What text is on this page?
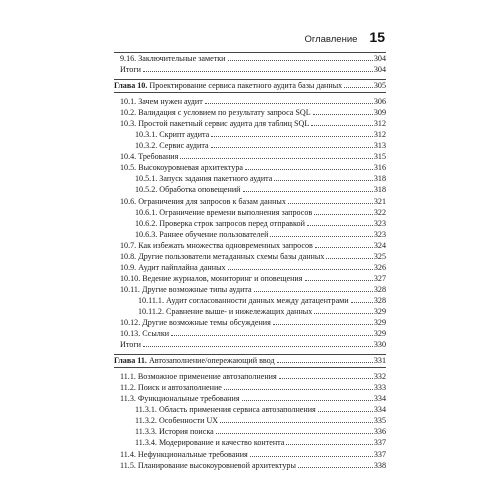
Оглавление 15
9.16. Заключительные заметки	304
Итоги	304
Глава 10. Проектирование сервиса пакетного аудита базы данных	305
10.1. Зачем нужен аудит	306
10.2. Валидация с условием по результату запроса SQL	309
10.3. Простой пакетный сервис аудита для таблиц SQL	312
10.3.1. Скрипт аудита	312
10.3.2. Сервис аудита	313
10.4. Требования	315
10.5. Высокоуровневая архитектура	316
10.5.1. Запуск задания пакетного аудита	318
10.5.2. Обработка оповещений	318
10.6. Ограничения для запросов к базам данных	321
10.6.1. Ограничение времени выполнения запросов	322
10.6.2. Проверка строк запросов перед отправкой	323
10.6.3. Раннее обучение пользователей	323
10.7. Как избежать множества одновременных запросов	324
10.8. Другие пользователи метаданных схемы базы данных	325
10.9. Аудит пайплайна данных	326
10.10. Ведение журналов, мониторинг и оповещения	327
10.11. Другие возможные типы аудита	328
10.11.1. Аудит согласованности данных между датацентрами	328
10.11.2. Сравнение выше- и нижележащих данных	329
10.12. Другие возможные темы обсуждения	329
10.13. Ссылки	329
Итоги	330
Глава 11. Автозаполнение/опережающий ввод	331
11.1. Возможное применение автозаполнения	332
11.2. Поиск и автозаполнение	333
11.3. Функциональные требования	334
11.3.1. Область применения сервиса автозаполнения	334
11.3.2. Особенности UX	335
11.3.3. История поиска	336
11.3.4. Модерирование и качество контента	337
11.4. Нефункциональные требования	337
11.5. Планирование высокоуровневой архитектуры	338
